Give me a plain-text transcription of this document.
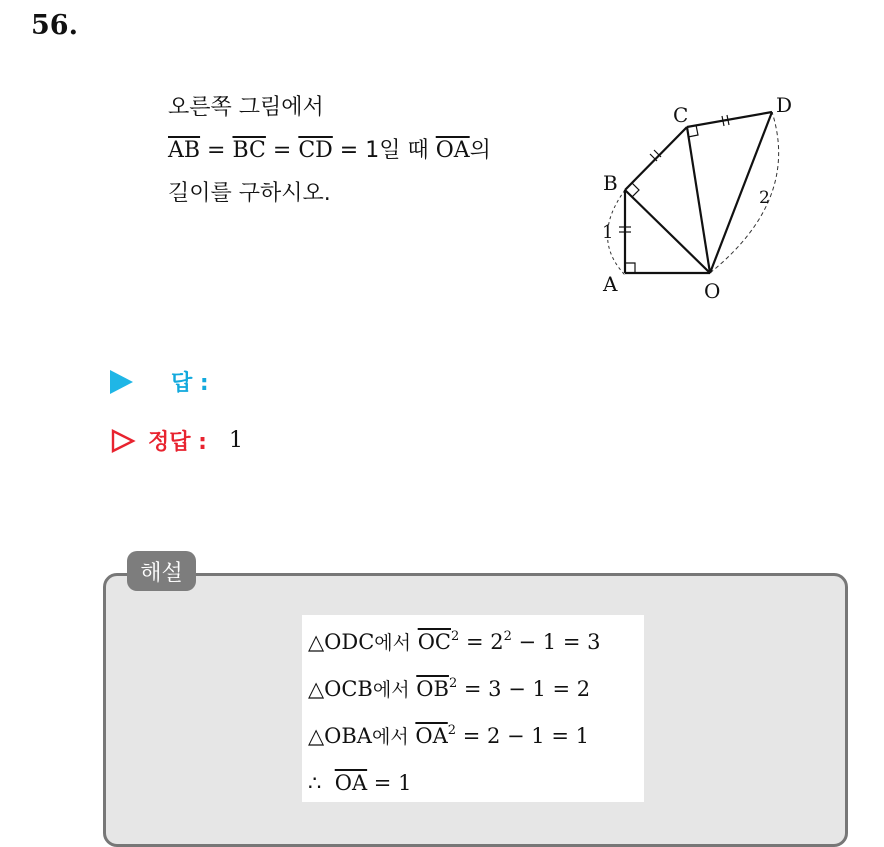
56.
오른쪽 그림에서
$\overline{AB} = \overline{BC} = \overline{CD} = 1$일 때 $\overline{OA}$의
길이를 구하시오.
C	D
B
A	O
1
2
답 :
정답 : 1
해설
△ODC에서 $\overline{OC}^2 = 2^2 - 1 = 3$
△OCB에서 $\overline{OB}^2 = 3 - 1 = 2$
△OBA에서 $\overline{OA}^2 = 2 - 1 = 1$
∴ $\overline{OA} = 1$
